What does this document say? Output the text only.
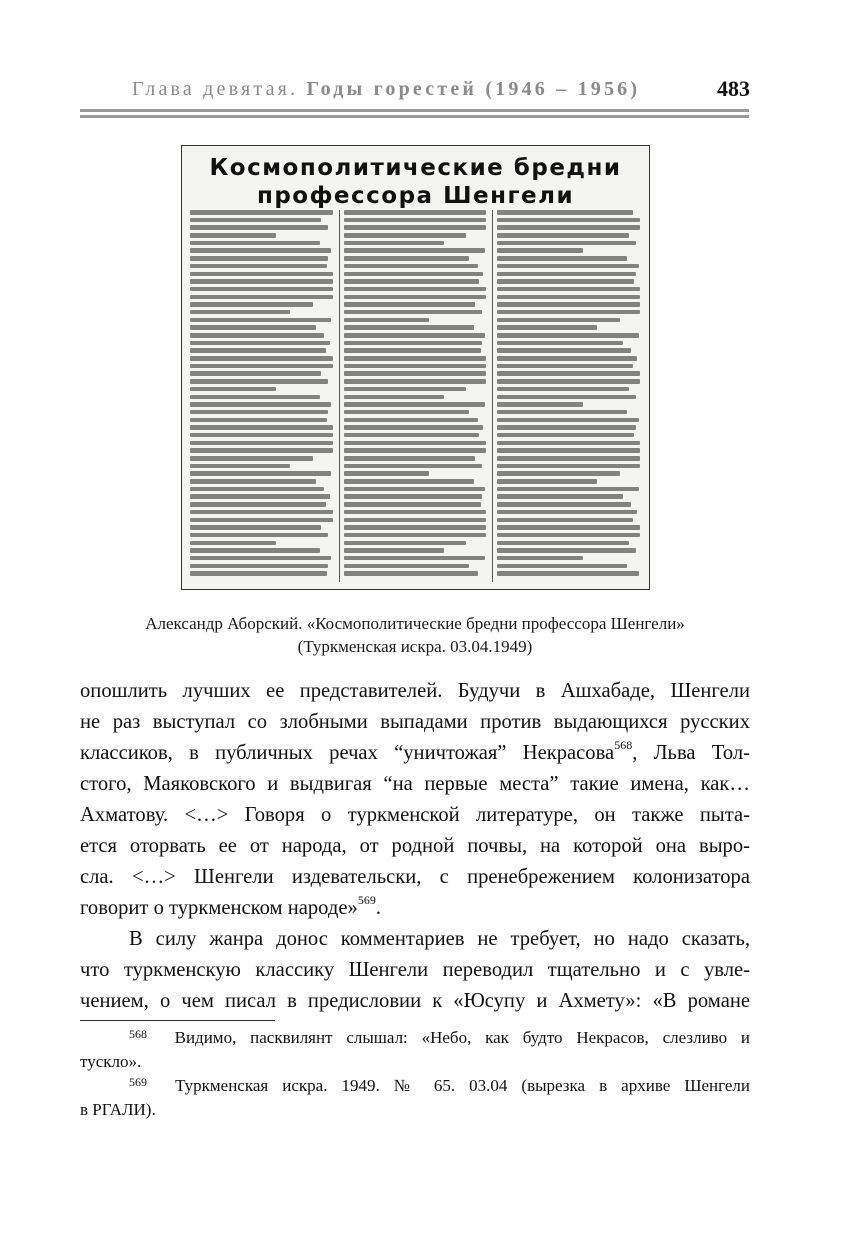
Глава девятая. Годы горестей (1946 – 1956)	483
Космополитические бредни
профессора Шенгели
Александр Аборский. «Космополитические бредни профессора Шенгели»
(Туркменская искра. 03.04.1949)
опошлить лучших ее представителей. Будучи в Ашхабаде, Шенгели
не раз выступал со злобными выпадами против выдающихся русских
классиков, в публичных речах “уничтожая” Некрасова$^{568}$, Льва Тол-
стого, Маяковского и выдвигая “на первые места” такие имена, как…
Ахматову. <…> Говоря о туркменской литературе, он также пыта-
ется оторвать ее от народа, от родной почвы, на которой она выро-
сла. <…> Шенгели издевательски, с пренебрежением колонизатора
говорит о туркменском народе»$^{569}$.
В силу жанра донос комментариев не требует, но надо сказать,
что туркменскую классику Шенгели переводил тщательно и с увле-
чением, о чем писал в предисловии к «Юсупу и Ахмету»: «В романе
$^{568}$ Видимо, пасквилянт слышал: «Небо, как будто Некрасов, слезливо и
тускло».
$^{569}$ Туркменская искра. 1949. № 65. 03.04 (вырезка в архиве Шенгели
в РГАЛИ).
